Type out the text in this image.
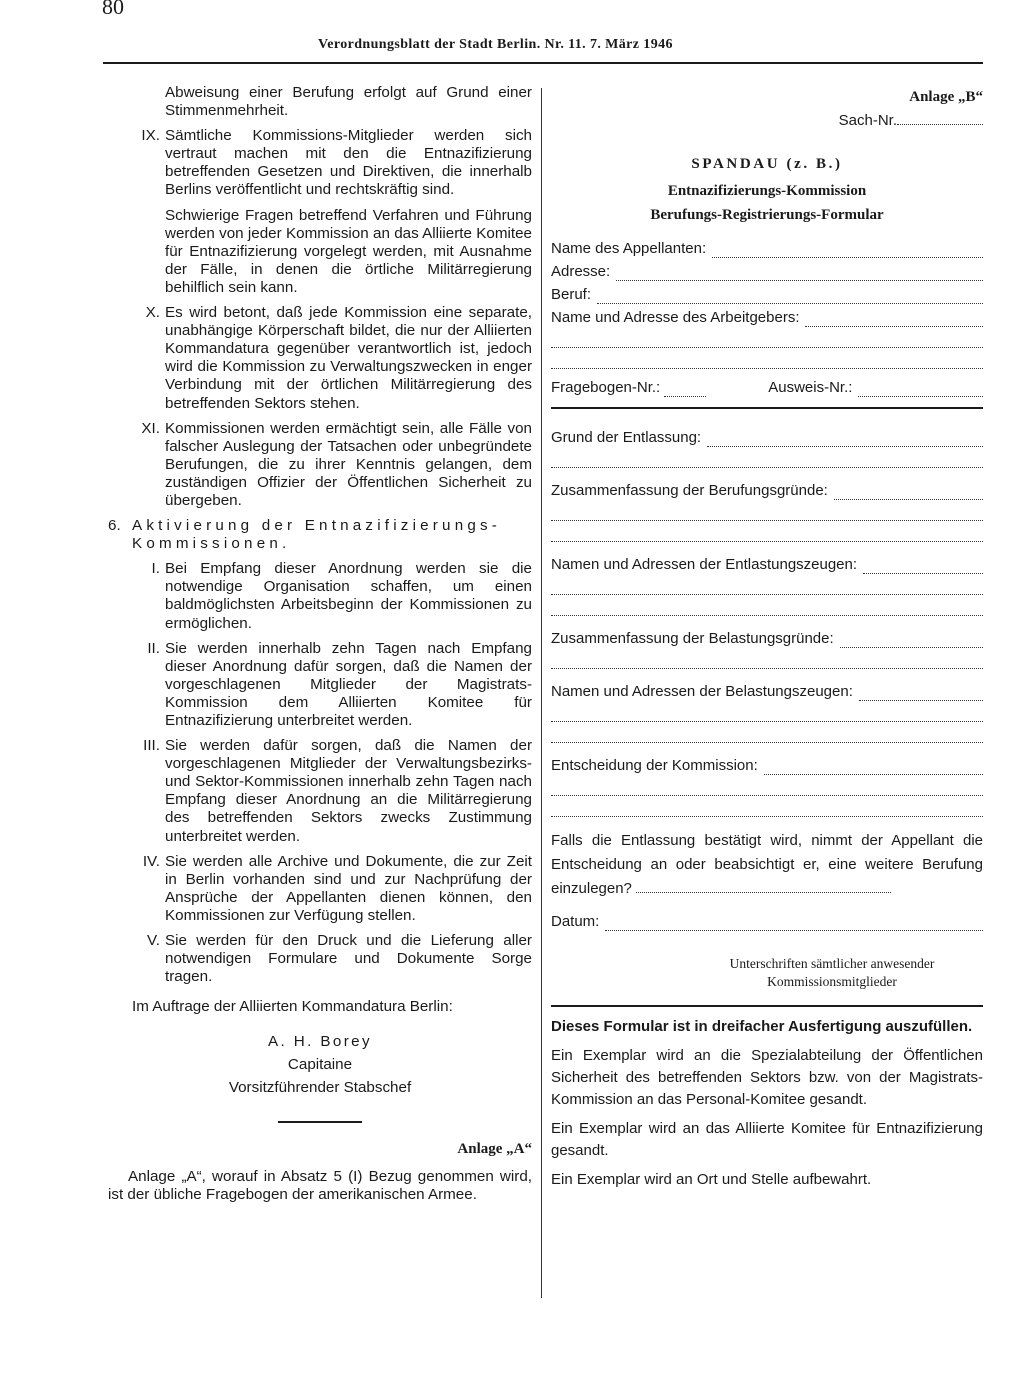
80
Verordnungsblatt der Stadt Berlin. Nr. 11. 7. März 1946

Abweisung einer Berufung erfolgt auf Grund einer Stimmenmehrheit.

IX. Sämtliche Kommissions-Mitglieder werden sich vertraut machen mit den die Entnazifizierung betreffenden Gesetzen und Direktiven, die innerhalb Berlins veröffentlicht und rechtskräftig sind.

Schwierige Fragen betreffend Verfahren und Führung werden von jeder Kommission an das Alliierte Komitee für Entnazifizierung vorgelegt werden, mit Ausnahme der Fälle, in denen die örtliche Militärregierung behilflich sein kann.

X. Es wird betont, daß jede Kommission eine separate, unabhängige Körperschaft bildet, die nur der Alliierten Kommandatura gegenüber verantwortlich ist, jedoch wird die Kommission zu Verwaltungszwecken in enger Verbindung mit der örtlichen Militärregierung des betreffenden Sektors stehen.

XI. Kommissionen werden ermächtigt sein, alle Fälle von falscher Auslegung der Tatsachen oder unbegründete Berufungen, die zu ihrer Kenntnis gelangen, dem zuständigen Offizier der Öffentlichen Sicherheit zu übergeben.

6. Aktivierung der Entnazifizierungs-Kommissionen.

I. Bei Empfang dieser Anordnung werden sie die notwendige Organisation schaffen, um einen baldmöglichsten Arbeitsbeginn der Kommissionen zu ermöglichen.

II. Sie werden innerhalb zehn Tagen nach Empfang dieser Anordnung dafür sorgen, daß die Namen der vorgeschlagenen Mitglieder der Magistrats-Kommission dem Alliierten Komitee für Entnazifizierung unterbreitet werden.

III. Sie werden dafür sorgen, daß die Namen der vorgeschlagenen Mitglieder der Verwaltungsbezirks- und Sektor-Kommissionen innerhalb zehn Tagen nach Empfang dieser Anordnung an die Militärregierung des betreffenden Sektors zwecks Zustimmung unterbreitet werden.

IV. Sie werden alle Archive und Dokumente, die zur Zeit in Berlin vorhanden sind und zur Nachprüfung der Ansprüche der Appellanten dienen können, den Kommissionen zur Verfügung stellen.

V. Sie werden für den Druck und die Lieferung aller notwendigen Formulare und Dokumente Sorge tragen.

Im Auftrage der Alliierten Kommandatura Berlin:

A. H. Borey
Capitaine
Vorsitzführender Stabschef
Anlage „A“

Anlage „A“, worauf in Absatz 5 (I) Bezug genommen wird, ist der übliche Fragebogen der amerikanischen Armee.

Anlage „B“
Sach-Nr.
SPANDAU (z. B.)
Entnazifizierungs-Kommission
Berufungs-Registrierungs-Formular
Name des Appellanten:
Adresse:
Beruf:
Name und Adresse des Arbeitgebers:
Fragebogen-Nr.:	Ausweis-Nr.:
Grund der Entlassung:
Zusammenfassung der Berufungsgründe:
Namen und Adressen der Entlastungszeugen:
Zusammenfassung der Belastungsgründe:
Namen und Adressen der Belastungszeugen:
Entscheidung der Kommission:

Falls die Entlassung bestätigt wird, nimmt der Appellant die Entscheidung an oder beabsichtigt er, eine weitere Berufung einzulegen?

Datum:
Unterschriften sämtlicher anwesender Kommissionsmitglieder

Dieses Formular ist in dreifacher Ausfertigung auszufüllen.

Ein Exemplar wird an die Spezialabteilung der Öffentlichen Sicherheit des betreffenden Sektors bzw. von der Magistrats-Kommission an das Personal-Komitee gesandt.

Ein Exemplar wird an das Alliierte Komitee für Entnazifizierung gesandt.

Ein Exemplar wird an Ort und Stelle aufbewahrt.
